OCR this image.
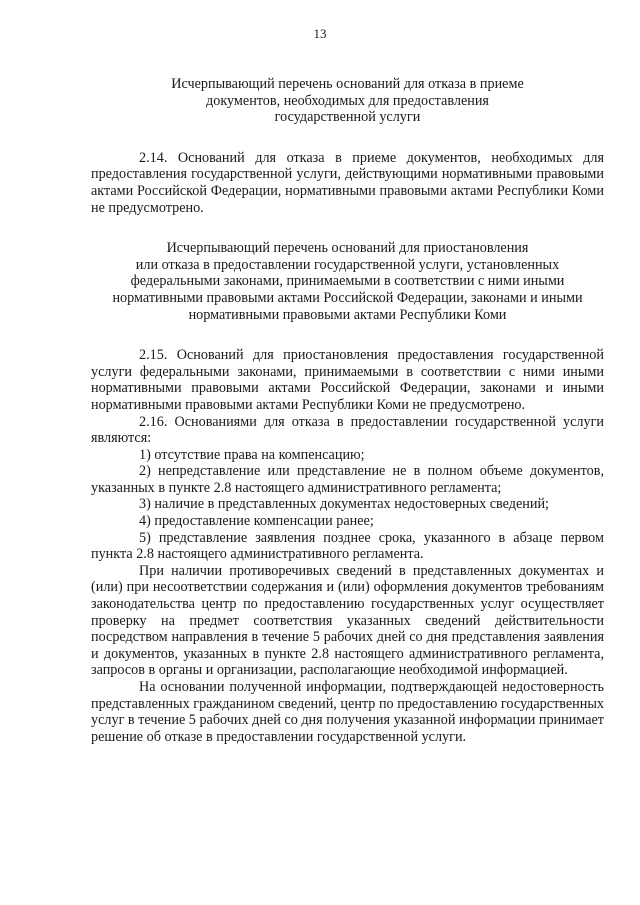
13

Исчерпывающий перечень оснований для отказа в приеме
документов, необходимых для предоставления
государственной услуги

2.14. Оснований для отказа в приеме документов, необходимых для предоставления государственной услуги, действующими нормативными правовыми актами Российской Федерации, нормативными правовыми актами Республики Коми не предусмотрено.

Исчерпывающий перечень оснований для приостановления
или отказа в предоставлении государственной услуги, установленных
федеральными законами, принимаемыми в соответствии с ними иными
нормативными правовыми актами Российской Федерации, законами и иными
нормативными правовыми актами Республики Коми

2.15. Оснований для приостановления предоставления государственной услуги федеральными законами, принимаемыми в соответствии с ними иными нормативными правовыми актами Российской Федерации, законами и иными нормативными правовыми актами Республики Коми не предусмотрено.

2.16. Основаниями для отказа в предоставлении государственной услуги являются:

1) отсутствие права на компенсацию;

2) непредставление или представление не в полном объеме документов, указанных в пункте 2.8 настоящего административного регламента;

3) наличие в представленных документах недостоверных сведений;

4) предоставление компенсации ранее;

5) представление заявления позднее срока, указанного в абзаце первом пункта 2.8 настоящего административного регламента.

При наличии противоречивых сведений в представленных документах и (или) при несоответствии содержания и (или) оформления документов требованиям законодательства центр по предоставлению государственных услуг осуществляет проверку на предмет соответствия указанных сведений действительности посредством направления в течение 5 рабочих дней со дня представления заявления и документов, указанных в пункте 2.8 настоящего административного регламента, запросов в органы и организации, располагающие необходимой информацией.

На основании полученной информации, подтверждающей недостоверность представленных гражданином сведений, центр по предоставлению государственных услуг в течение 5 рабочих дней со дня получения указанной информации принимает решение об отказе в предоставлении государственной услуги.
